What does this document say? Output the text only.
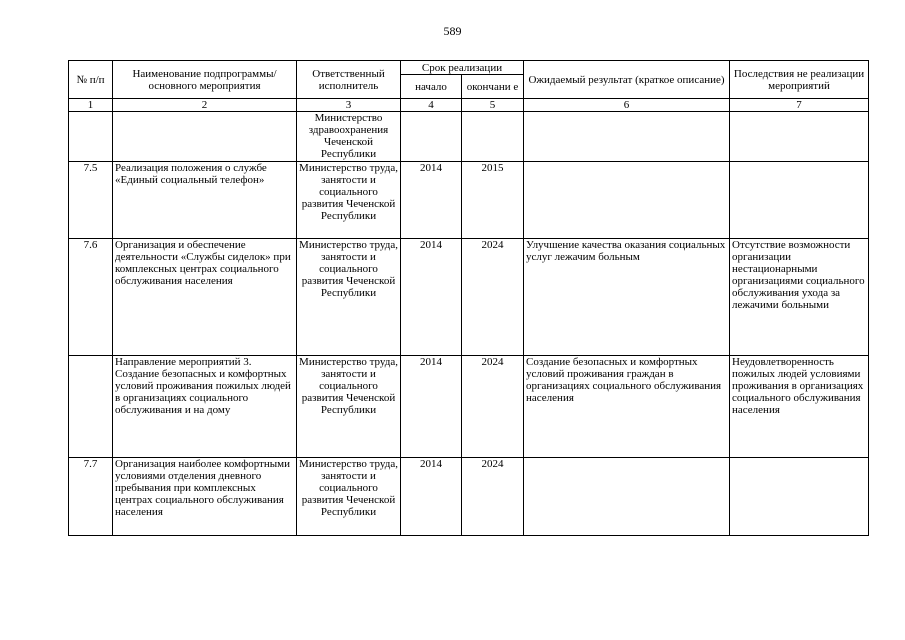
589
№ п/п	Наименование подпрограммы/ основного мероприятия	Ответственный исполнитель	Срок реализации		Ожидаемый результат (краткое описание)	Последствия не реализации мероприятий
			начало	окончани е		
1	2	3	4	5	6	7
		Министерство здравоохранения Чеченской Республики				
7.5	Реализация положения о службе «Единый социальный телефон»	Министерство труда, занятости и социального развития Чеченской Республики	2014	2015		
7.6	Организация и обеспечение деятельности «Службы сиделок» при комплексных центрах социального обслуживания населения	Министерство труда, занятости и социального развития Чеченской Республики	2014	2024	Улучшение качества оказания социальных услуг лежачим больным	Отсутствие возможности организации нестационарными организациями социального обслуживания ухода за лежачими больными
	Направление мероприятий 3. Создание безопасных и комфортных условий проживания пожилых людей в организациях социального обслуживания и на дому	Министерство труда, занятости и социального развития Чеченской Республики	2014	2024	Создание безопасных и комфортных условий проживания граждан в организациях социального обслуживания населения	Неудовлетворенность пожилых людей условиями проживания в организациях социального обслуживания населения
7.7	Организация наиболее комфортными условиями отделения дневного пребывания при комплексных центрах социального обслуживания населения	Министерство труда, занятости и социального развития Чеченской Республики	2014	2024		
